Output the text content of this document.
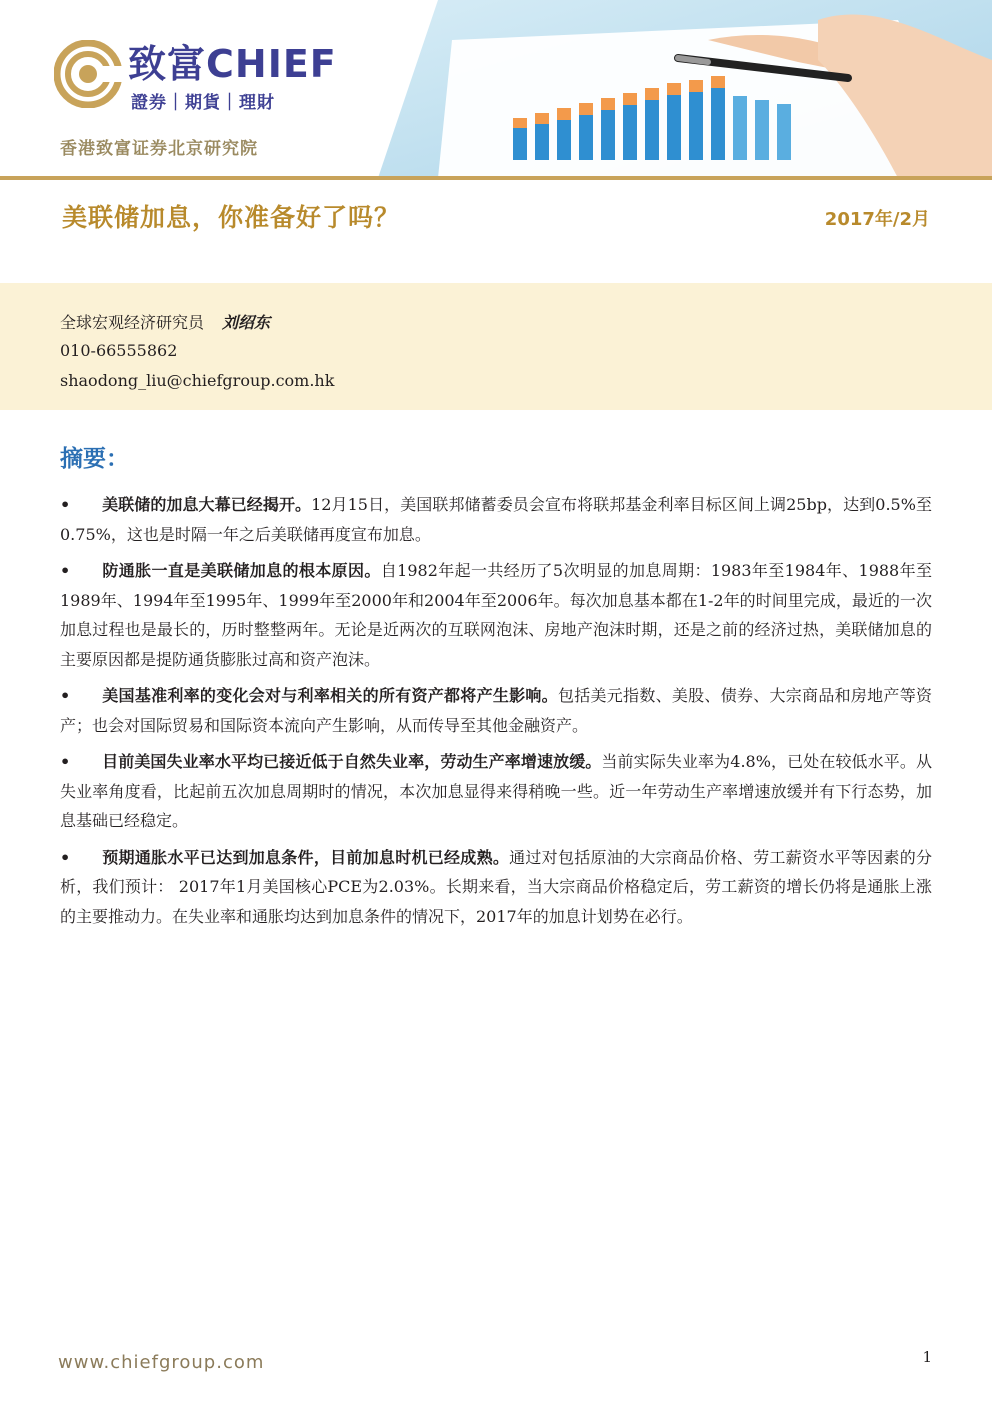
致富CHIEF
證券｜期貨｜理財
香港致富证券北京研究院
美联储加息，你准备好了吗？	2017年/2月
全球宏观经济研究员 刘绍东
010-66555862
shaodong_liu@chiefgroup.com.hk
摘要：
• 美联储的加息大幕已经揭开。12月15日，美国联邦储蓄委员会宣布将联邦基金利率目标区间上调25bp，达到0.5%至0.75%，这也是时隔一年之后美联储再度宣布加息。
• 防通胀一直是美联储加息的根本原因。自1982年起一共经历了5次明显的加息周期：1983年至1984年、1988年至1989年、1994年至1995年、1999年至2000年和2004年至2006年。每次加息基本都在1-2年的时间里完成，最近的一次加息过程也是最长的，历时整整两年。无论是近两次的互联网泡沫、房地产泡沫时期，还是之前的经济过热，美联储加息的主要原因都是提防通货膨胀过高和资产泡沫。
• 美国基准利率的变化会对与利率相关的所有资产都将产生影响。包括美元指数、美股、债券、大宗商品和房地产等资产；也会对国际贸易和国际资本流向产生影响，从而传导至其他金融资产。
• 目前美国失业率水平均已接近低于自然失业率，劳动生产率增速放缓。当前实际失业率为4.8%，已处在较低水平。从失业率角度看，比起前五次加息周期时的情况，本次加息显得来得稍晚一些。近一年劳动生产率增速放缓并有下行态势，加息基础已经稳定。
• 预期通胀水平已达到加息条件，目前加息时机已经成熟。通过对包括原油的大宗商品价格、劳工薪资水平等因素的分析，我们预计： 2017年1月美国核心PCE为2.03%。长期来看，当大宗商品价格稳定后，劳工薪资的增长仍将是通胀上涨的主要推动力。在失业率和通胀均达到加息条件的情况下，2017年的加息计划势在必行。
www.chiefgroup.com	1
